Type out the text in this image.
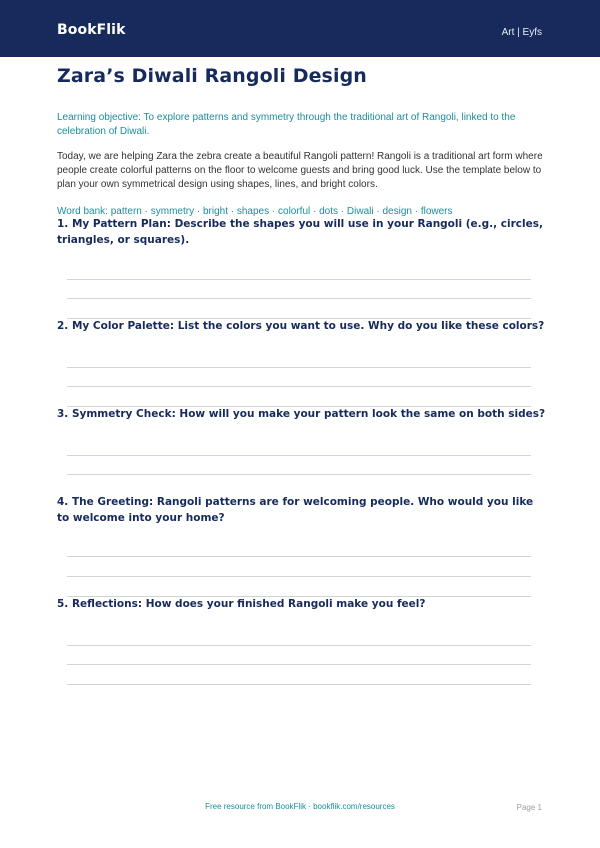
BookFlik	Art | Eyfs
Zara’s Diwali Rangoli Design

Learning objective: To explore patterns and symmetry through the traditional art of Rangoli, linked to the celebration of Diwali.

Today, we are helping Zara the zebra create a beautiful Rangoli pattern! Rangoli is a traditional art form where people create colorful patterns on the floor to welcome guests and bring good luck. Use the template below to plan your own symmetrical design using shapes, lines, and bright colors.

Word bank: pattern · symmetry · bright · shapes · colorful · dots · Diwali · design · flowers

1. My Pattern Plan: Describe the shapes you will use in your Rangoli (e.g., circles, triangles, or squares).
2. My Color Palette: List the colors you want to use. Why do you like these colors?
3. Symmetry Check: How will you make your pattern look the same on both sides?
4. The Greeting: Rangoli patterns are for welcoming people. Who would you like to welcome into your home?
5. Reflections: How does your finished Rangoli make you feel?
Free resource from BookFlik · bookflik.com/resources	Page 1
